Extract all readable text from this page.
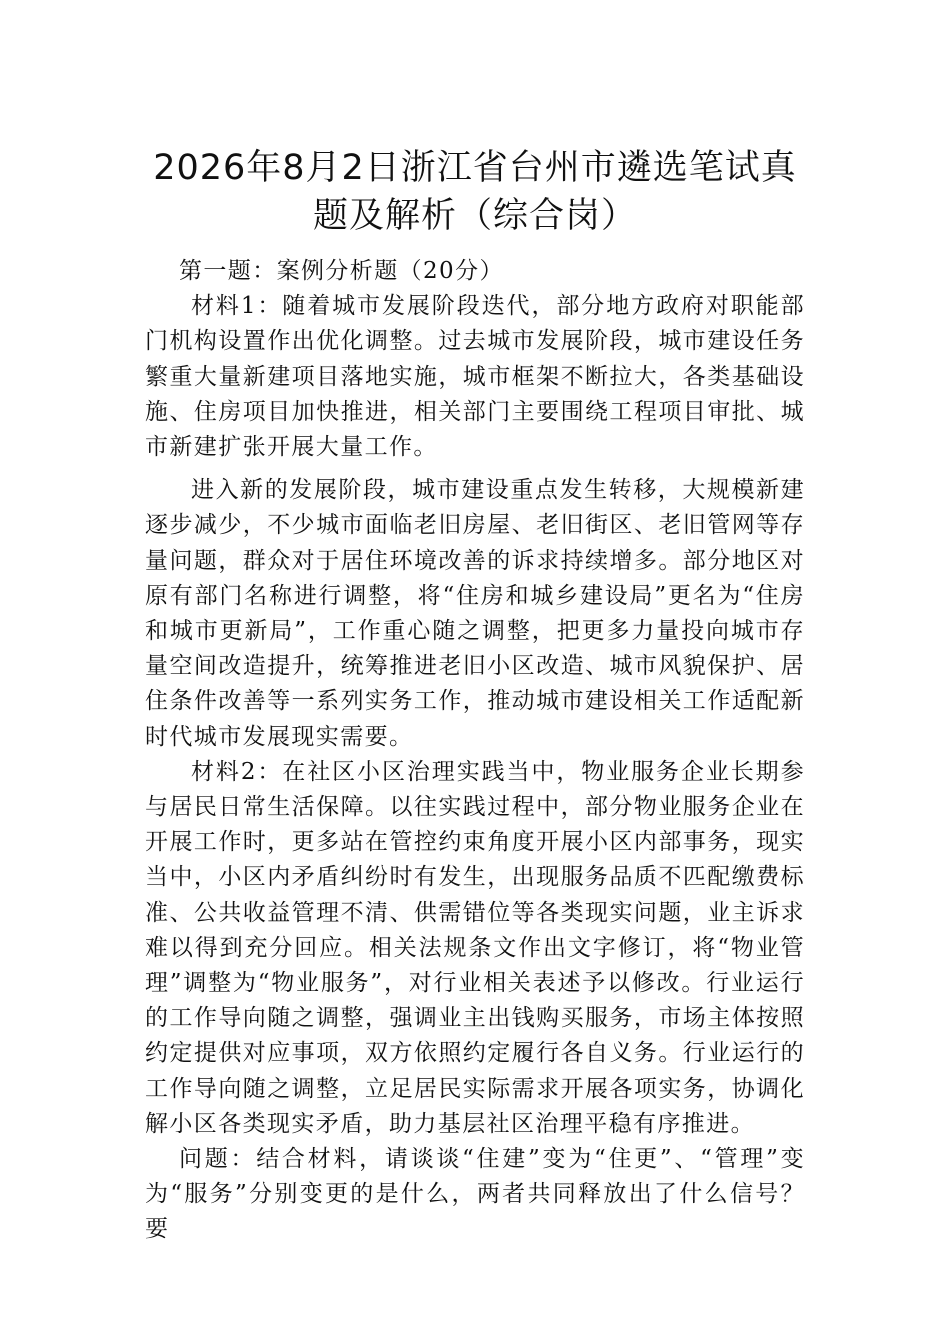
2026年8月2日浙江省台州市遴选笔试真
题及解析（综合岗）

第一题：案例分析题（20分）

材料1：随着城市发展阶段迭代，部分地方政府对职能部门机构设置作出优化调整。过去城市发展阶段，城市建设任务繁重大量新建项目落地实施，城市框架不断拉大，各类基础设施、住房项目加快推进，相关部门主要围绕工程项目审批、城市新建扩张开展大量工作。

进入新的发展阶段，城市建设重点发生转移，大规模新建逐步减少，不少城市面临老旧房屋、老旧街区、老旧管网等存量问题，群众对于居住环境改善的诉求持续增多。部分地区对原有部门名称进行调整，将“住房和城乡建设局”更名为“住房和城市更新局”，工作重心随之调整，把更多力量投向城市存量空间改造提升，统筹推进老旧小区改造、城市风貌保护、居住条件改善等一系列实务工作，推动城市建设相关工作适配新时代城市发展现实需要。

材料2：在社区小区治理实践当中，物业服务企业长期参与居民日常生活保障。以往实践过程中，部分物业服务企业在开展工作时，更多站在管控约束角度开展小区内部事务，现实当中，小区内矛盾纠纷时有发生，出现服务品质不匹配缴费标准、公共收益管理不清、供需错位等各类现实问题，业主诉求难以得到充分回应。相关法规条文作出文字修订，将“物业管理”调整为“物业服务”，对行业相关表述予以修改。行业运行的工作导向随之调整，强调业主出钱购买服务，市场主体按照约定提供对应事项，双方依照约定履行各自义务。行业运行的工作导向随之调整，立足居民实际需求开展各项实务，协调化解小区各类现实矛盾，助力基层社区治理平稳有序推进。

问题：结合材料，请谈谈“住建”变为“住更”、“管理”变为“服务”分别变更的是什么，两者共同释放出了什么信号？要
